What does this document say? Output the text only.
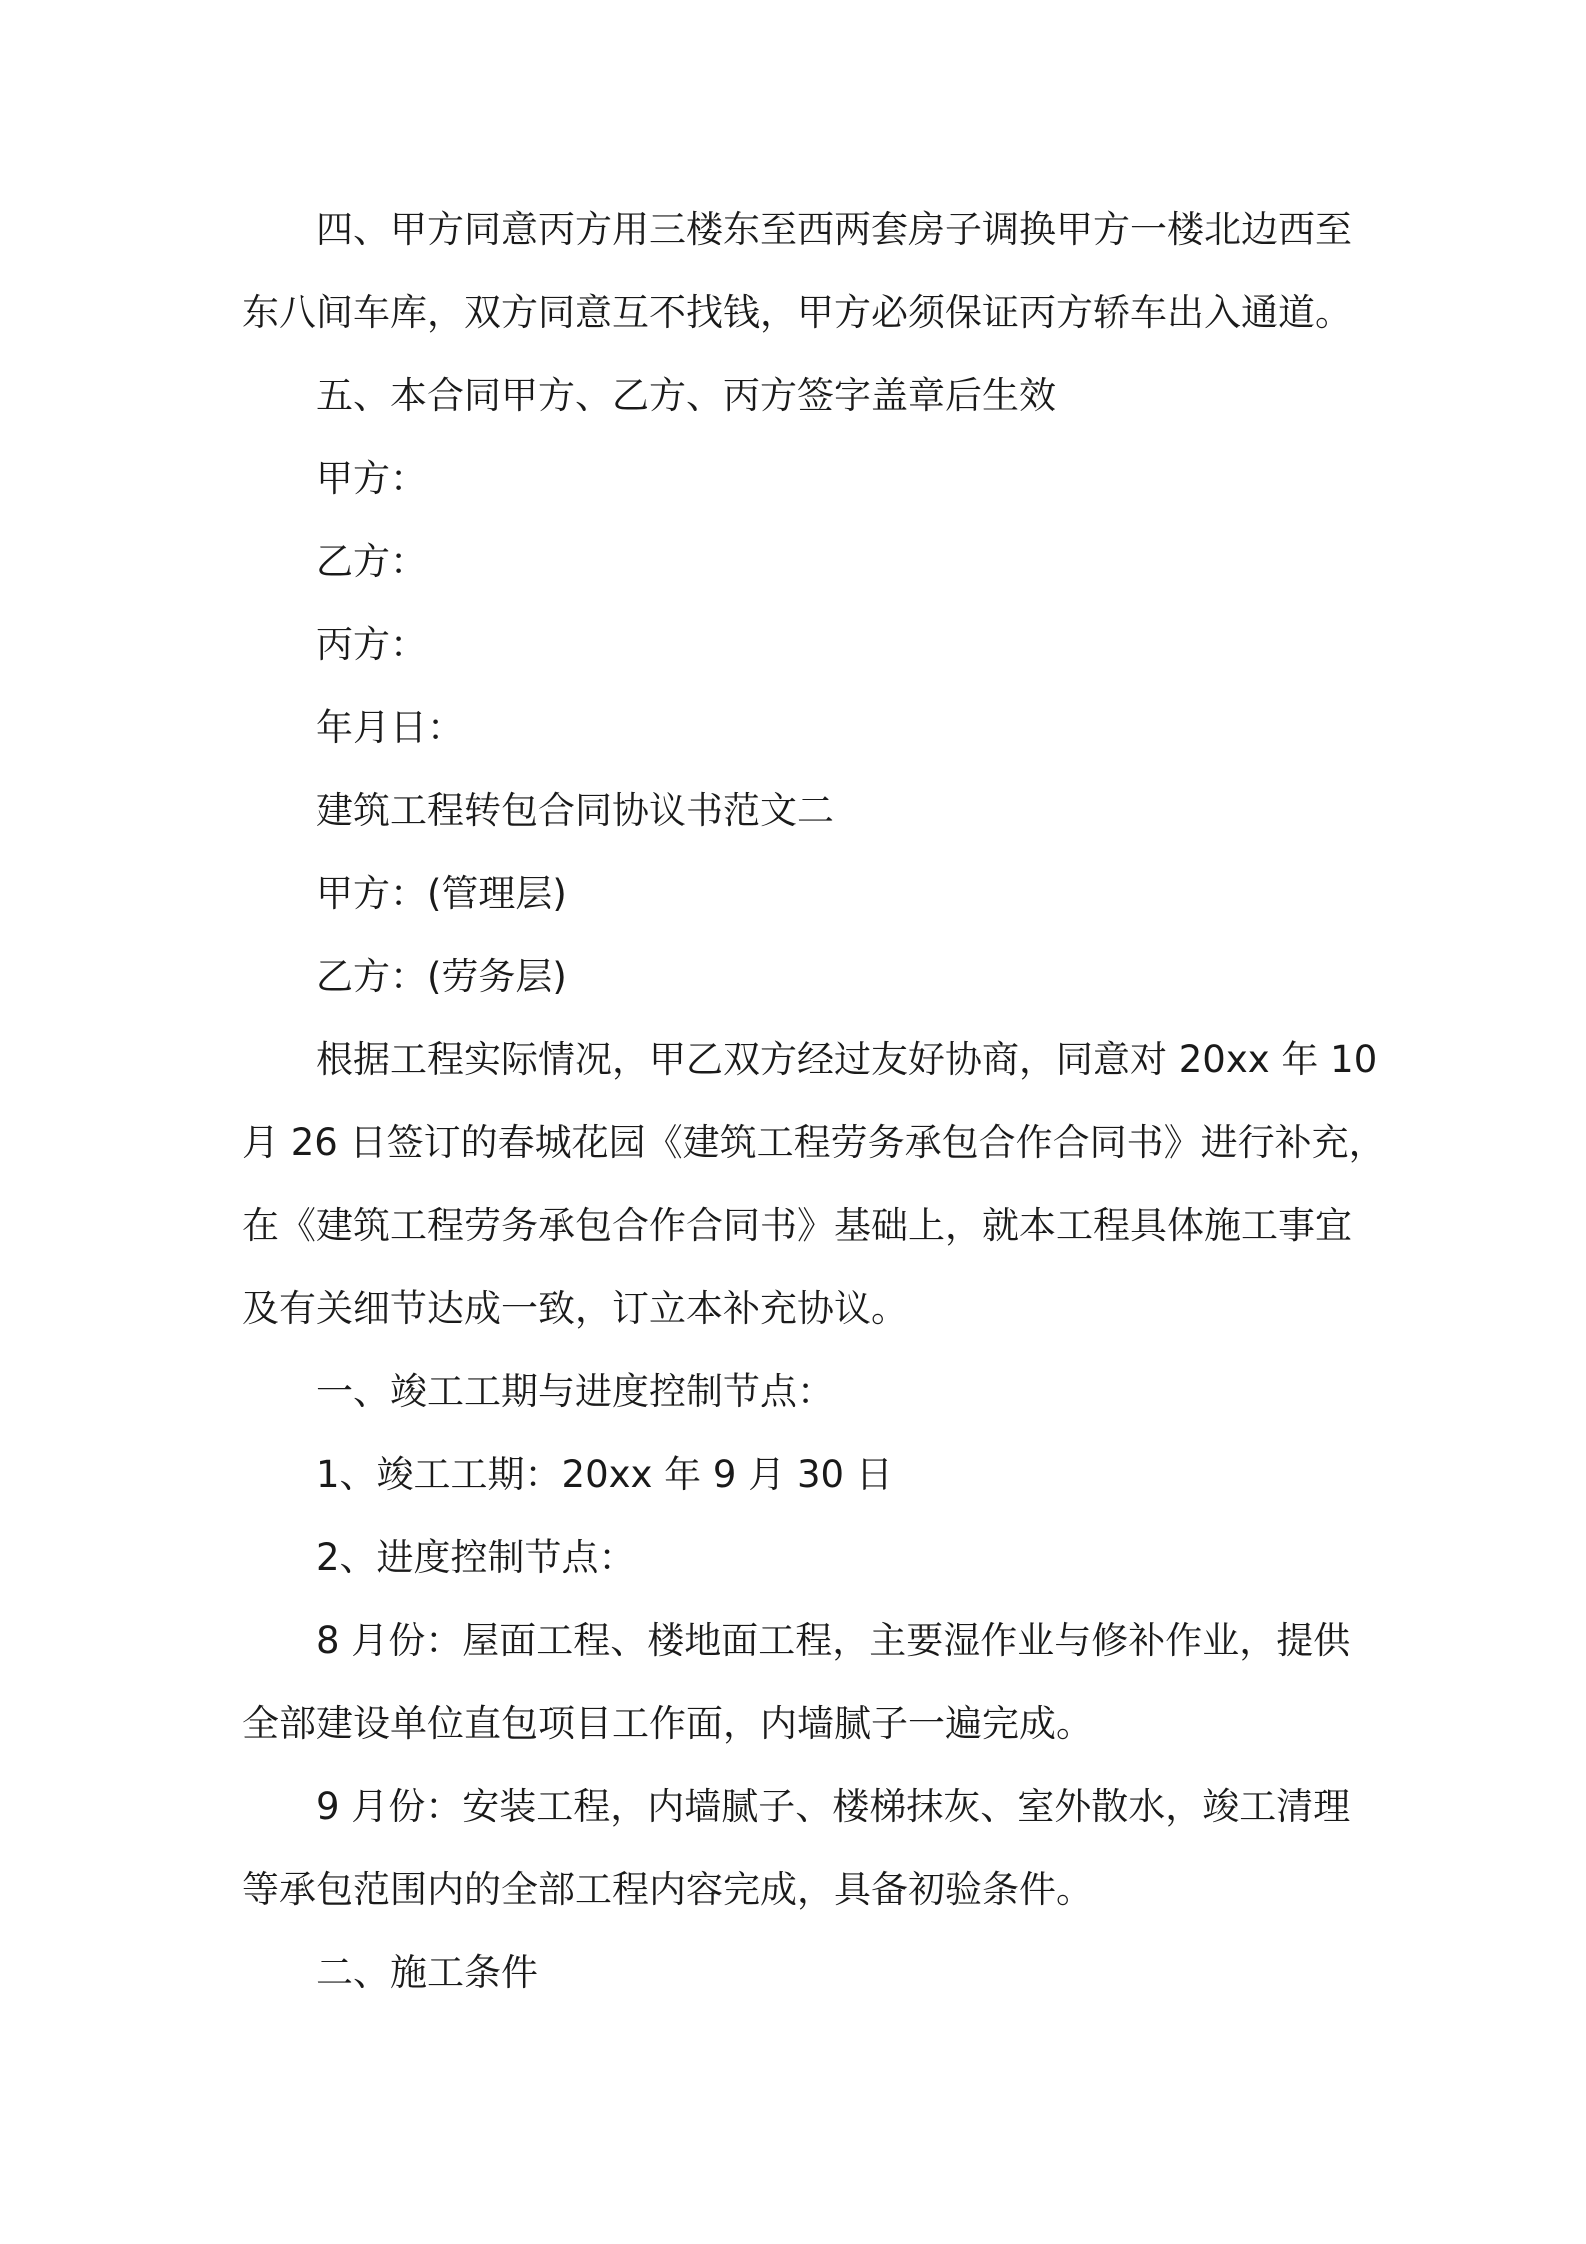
四、甲方同意丙方用三楼东至西两套房子调换甲方一楼北边西至
东八间车库，双方同意互不找钱，甲方必须保证丙方轿车出入通道。
五、本合同甲方、乙方、丙方签字盖章后生效
甲方：
乙方：
丙方：
年月日：
建筑工程转包合同协议书范文二
甲方：(管理层)
乙方：(劳务层)
根据工程实际情况，甲乙双方经过友好协商，同意对 20xx 年 10
月 26 日签订的春城花园《建筑工程劳务承包合作合同书》进行补充，
在《建筑工程劳务承包合作合同书》基础上，就本工程具体施工事宜
及有关细节达成一致，订立本补充协议。
一、竣工工期与进度控制节点：
1、竣工工期：20xx 年 9 月 30 日
2、进度控制节点：
8 月份：屋面工程、楼地面工程，主要湿作业与修补作业，提供
全部建设单位直包项目工作面，内墙腻子一遍完成。
9 月份：安装工程，内墙腻子、楼梯抹灰、室外散水，竣工清理
等承包范围内的全部工程内容完成，具备初验条件。
二、施工条件
